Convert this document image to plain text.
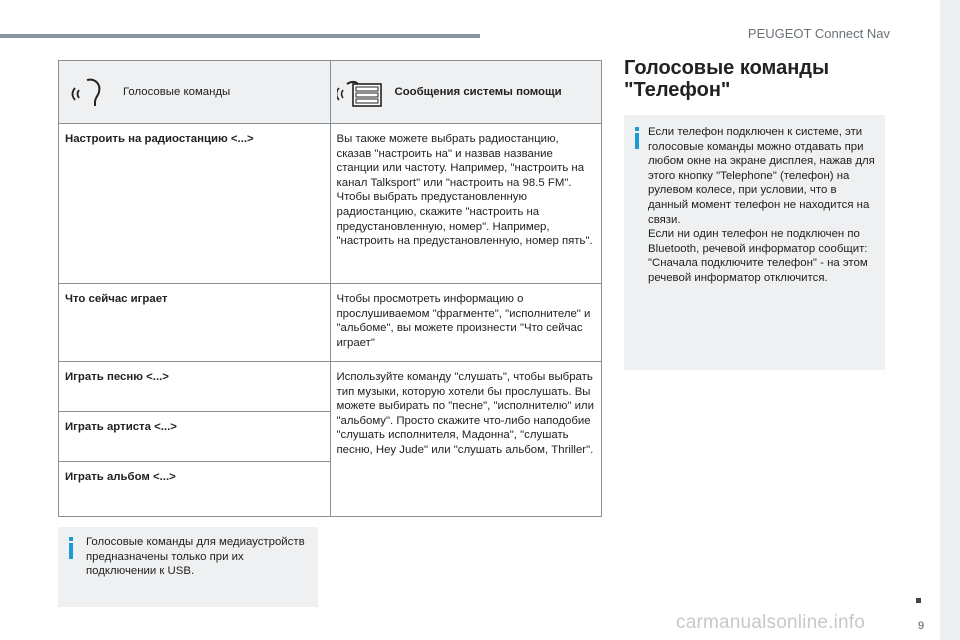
PEUGEOT Connect Nav
Голосовые команды	Сообщения системы помощи

Настроить на радиостанцию <...>	Вы также можете выбрать радиостанцию, сказав "настроить на" и назвав название станции или частоту. Например, "настроить на канал Talksport" или "настроить на 98.5 FM". Чтобы выбрать предустановленную радиостанцию, скажите "настроить на предустановленную, номер". Например, "настроить на предустановленную, номер пять".
Что сейчас играет	Чтобы просмотреть информацию о прослушиваемом "фрагменте", "исполнителе" и "альбоме", вы можете произнести "Что сейчас играет"
Играть песню <...>	Используйте команду "слушать", чтобы выбрать тип музыки, которую хотели бы прослушать. Вы можете выбирать по "песне", "исполнителю" или "альбому". Просто скажите что-либо наподобие "слушать исполнителя, Мадонна", "слушать песню, Hey Jude" или "слушать альбом, Thriller".
Играть артиста <...>	
Играть альбом <...>	

Голосовые команды для медиаустройств предназначены только при их подключении к USB.

Голосовые команды "Телефон"

Если телефон подключен к системе, эти голосовые команды можно отдавать при любом окне на экране дисплея, нажав для этого кнопку "Telephone" (телефон) на рулевом колесе, при условии, что в данный момент телефон не находится на связи.

Если ни один телефон не подключен по Bluetooth, речевой информатор сообщит: "Сначала подключите телефон" - на этом речевой информатор отключится.

9
carmanualsonline.info
